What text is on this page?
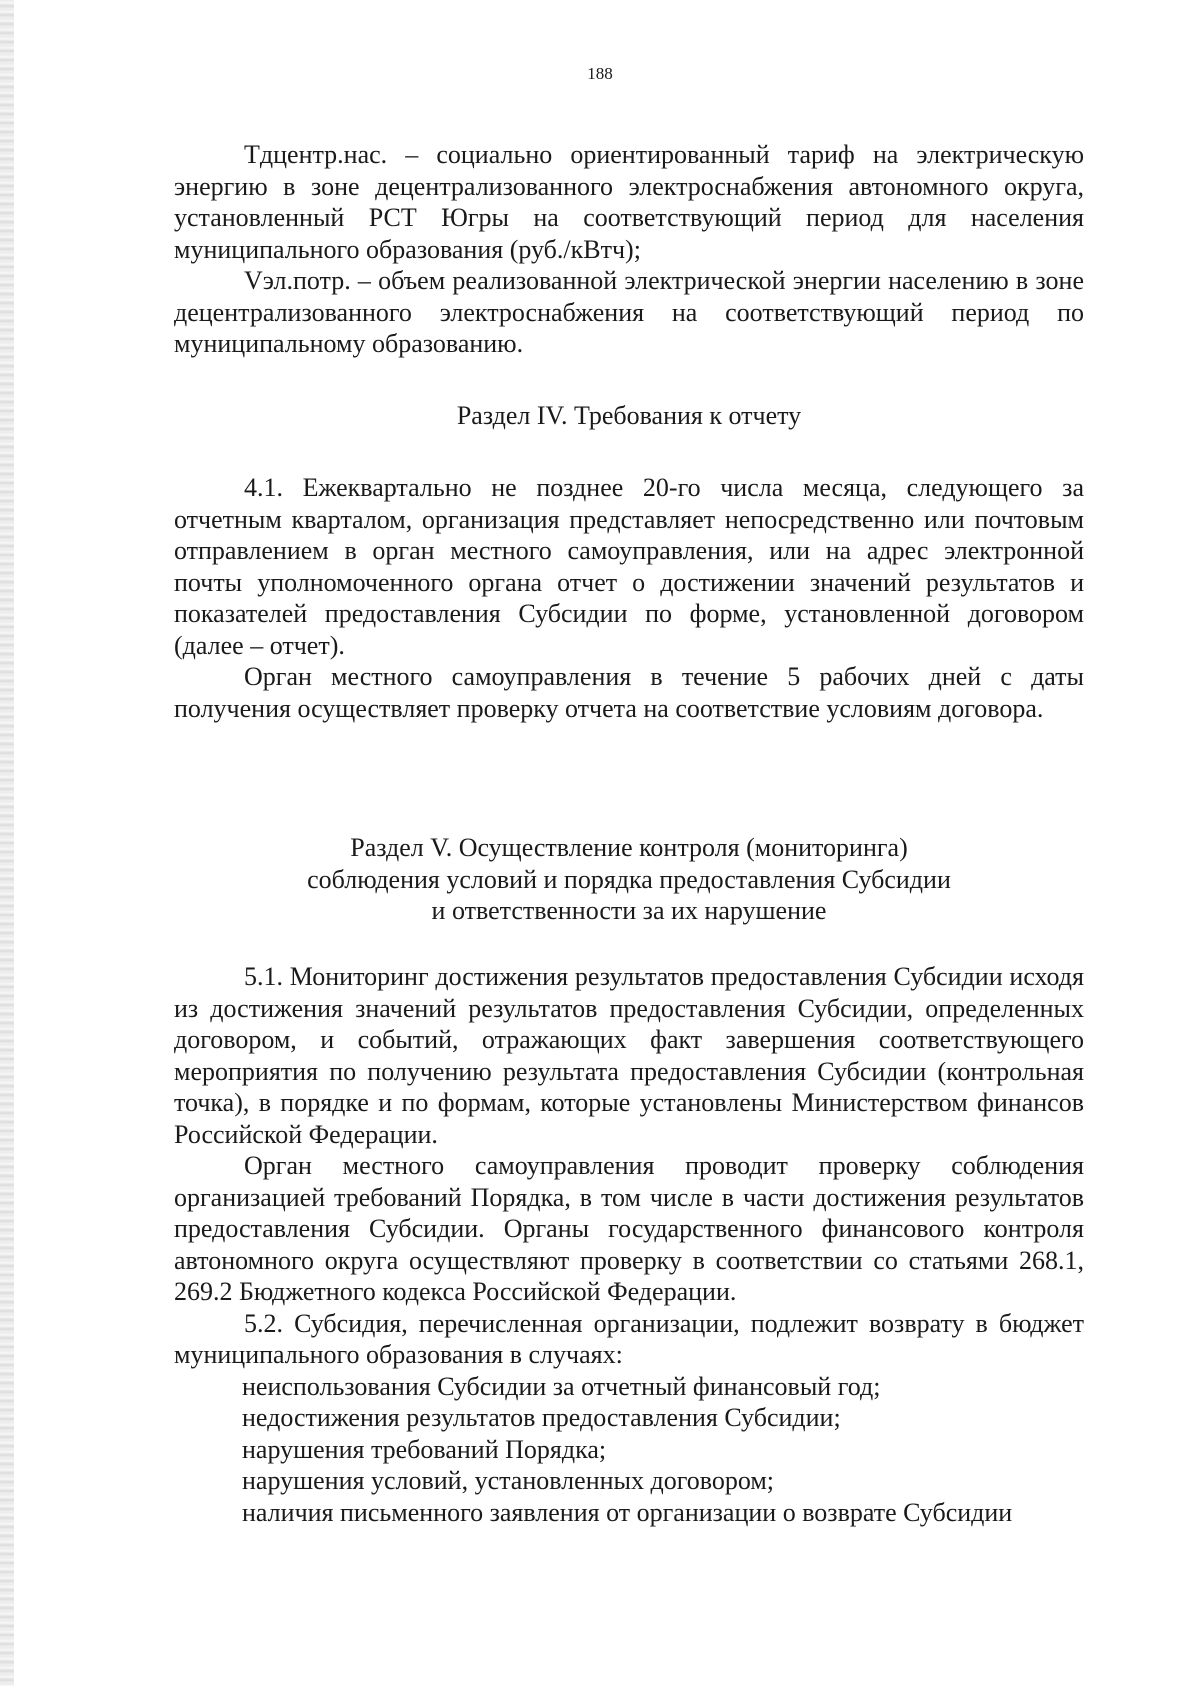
188

Тдцентр.нас. – социально ориентированный тариф на электрическую энергию в зоне децентрализованного электроснабжения автономного округа, установленный РСТ Югры на соответствующий период для населения муниципального образования (руб./кВтч);

Vэл.потр. – объем реализованной электрической энергии населению в зоне децентрализованного электроснабжения на соответствующий период по муниципальному образованию.

Раздел IV. Требования к отчету

4.1. Ежеквартально не позднее 20-го числа месяца, следующего за отчетным кварталом, организация представляет непосредственно или почтовым отправлением в орган местного самоуправления, или на адрес электронной почты уполномоченного органа отчет о достижении значений результатов и показателей предоставления Субсидии по форме, установленной договором (далее – отчет).

Орган местного самоуправления в течение 5 рабочих дней с даты получения осуществляет проверку отчета на соответствие условиям договора.

Раздел V. Осуществление контроля (мониторинга)

соблюдения условий и порядка предоставления Субсидии

и ответственности за их нарушение

5.1. Мониторинг достижения результатов предоставления Субсидии исходя из достижения значений результатов предоставления Субсидии, определенных договором, и событий, отражающих факт завершения соответствующего мероприятия по получению результата предоставления Субсидии (контрольная точка), в порядке и по формам, которые установлены Министерством финансов Российской Федерации.

Орган местного самоуправления проводит проверку соблюдения организацией требований Порядка, в том числе в части достижения результатов предоставления Субсидии. Органы государственного финансового контроля автономного округа осуществляют проверку в соответствии со статьями 268.1, 269.2 Бюджетного кодекса Российской Федерации.

5.2. Субсидия, перечисленная организации, подлежит возврату в бюджет муниципального образования в случаях:

неиспользования Субсидии за отчетный финансовый год;

недостижения результатов предоставления Субсидии;

нарушения требований Порядка;

нарушения условий, установленных договором;

наличия письменного заявления от организации о возврате Субсидии
